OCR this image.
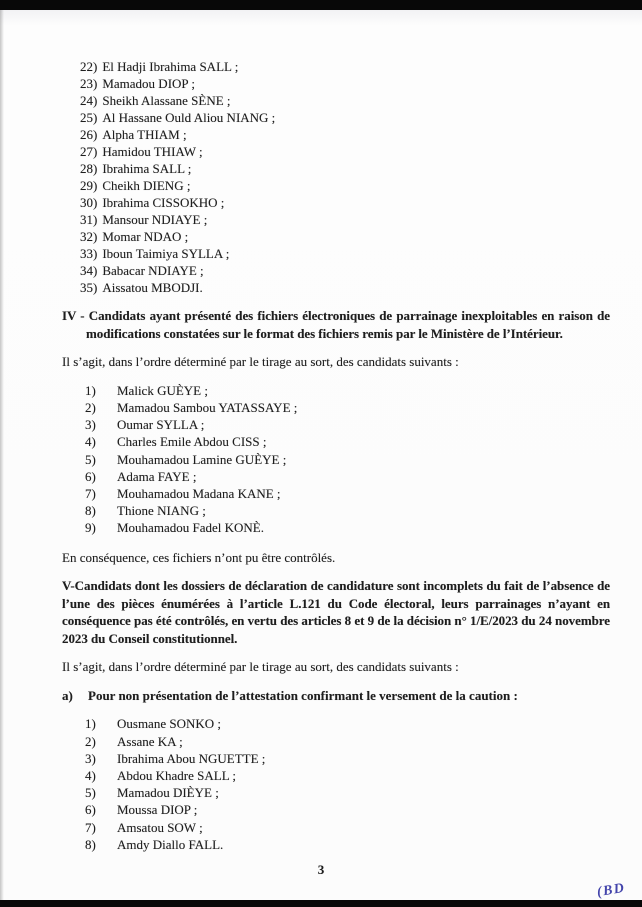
22) El Hadji Ibrahima SALL ;
23) Mamadou DIOP ;
24) Sheikh Alassane SÈNE ;
25) Al Hassane Ould Aliou NIANG ;
26) Alpha THIAM ;
27) Hamidou THIAW ;
28) Ibrahima SALL ;
29) Cheikh DIENG ;
30) Ibrahima CISSOKHO ;
31) Mansour NDIAYE ;
32) Momar NDAO ;
33) Iboun Taimiya SYLLA ;
34) Babacar NDIAYE ;
35) Aissatou MBODJI.

IV - Candidats ayant présenté des fichiers électroniques de parrainage inexploitables en raison de modifications constatées sur le format des fichiers remis par le Ministère de l’Intérieur.

Il s’agit, dans l’ordre déterminé par le tirage au sort, des candidats suivants :

1)	Malick GUÈYE ;
2)	Mamadou Sambou YATASSAYE ;
3)	Oumar SYLLA ;
4)	Charles Emile Abdou CISS ;
5)	Mouhamadou Lamine GUÈYE ;
6)	Adama FAYE ;
7)	Mouhamadou Madana KANE ;
8)	Thione NIANG ;
9)	Mouhamadou Fadel KONÈ.

En conséquence, ces fichiers n’ont pu être contrôlés.

V-Candidats dont les dossiers de déclaration de candidature sont incomplets du fait de l’absence de l’une des pièces énumérées à l’article L.121 du Code électoral, leurs parrainages n’ayant en conséquence pas été contrôlés, en vertu des articles 8 et 9 de la décision n° 1/E/2023 du 24 novembre 2023 du Conseil constitutionnel.

Il s’agit, dans l’ordre déterminé par le tirage au sort, des candidats suivants :

a)	Pour non présentation de l’attestation confirmant le versement de la caution :

1)	Ousmane SONKO ;
2)	Assane KA ;
3)	Ibrahima Abou NGUETTE ;
4)	Abdou Khadre SALL ;
5)	Mamadou DIÈYE ;
6)	Moussa DIOP ;
7)	Amsatou SOW ;
8)	Amdy Diallo FALL.
3
(BD
